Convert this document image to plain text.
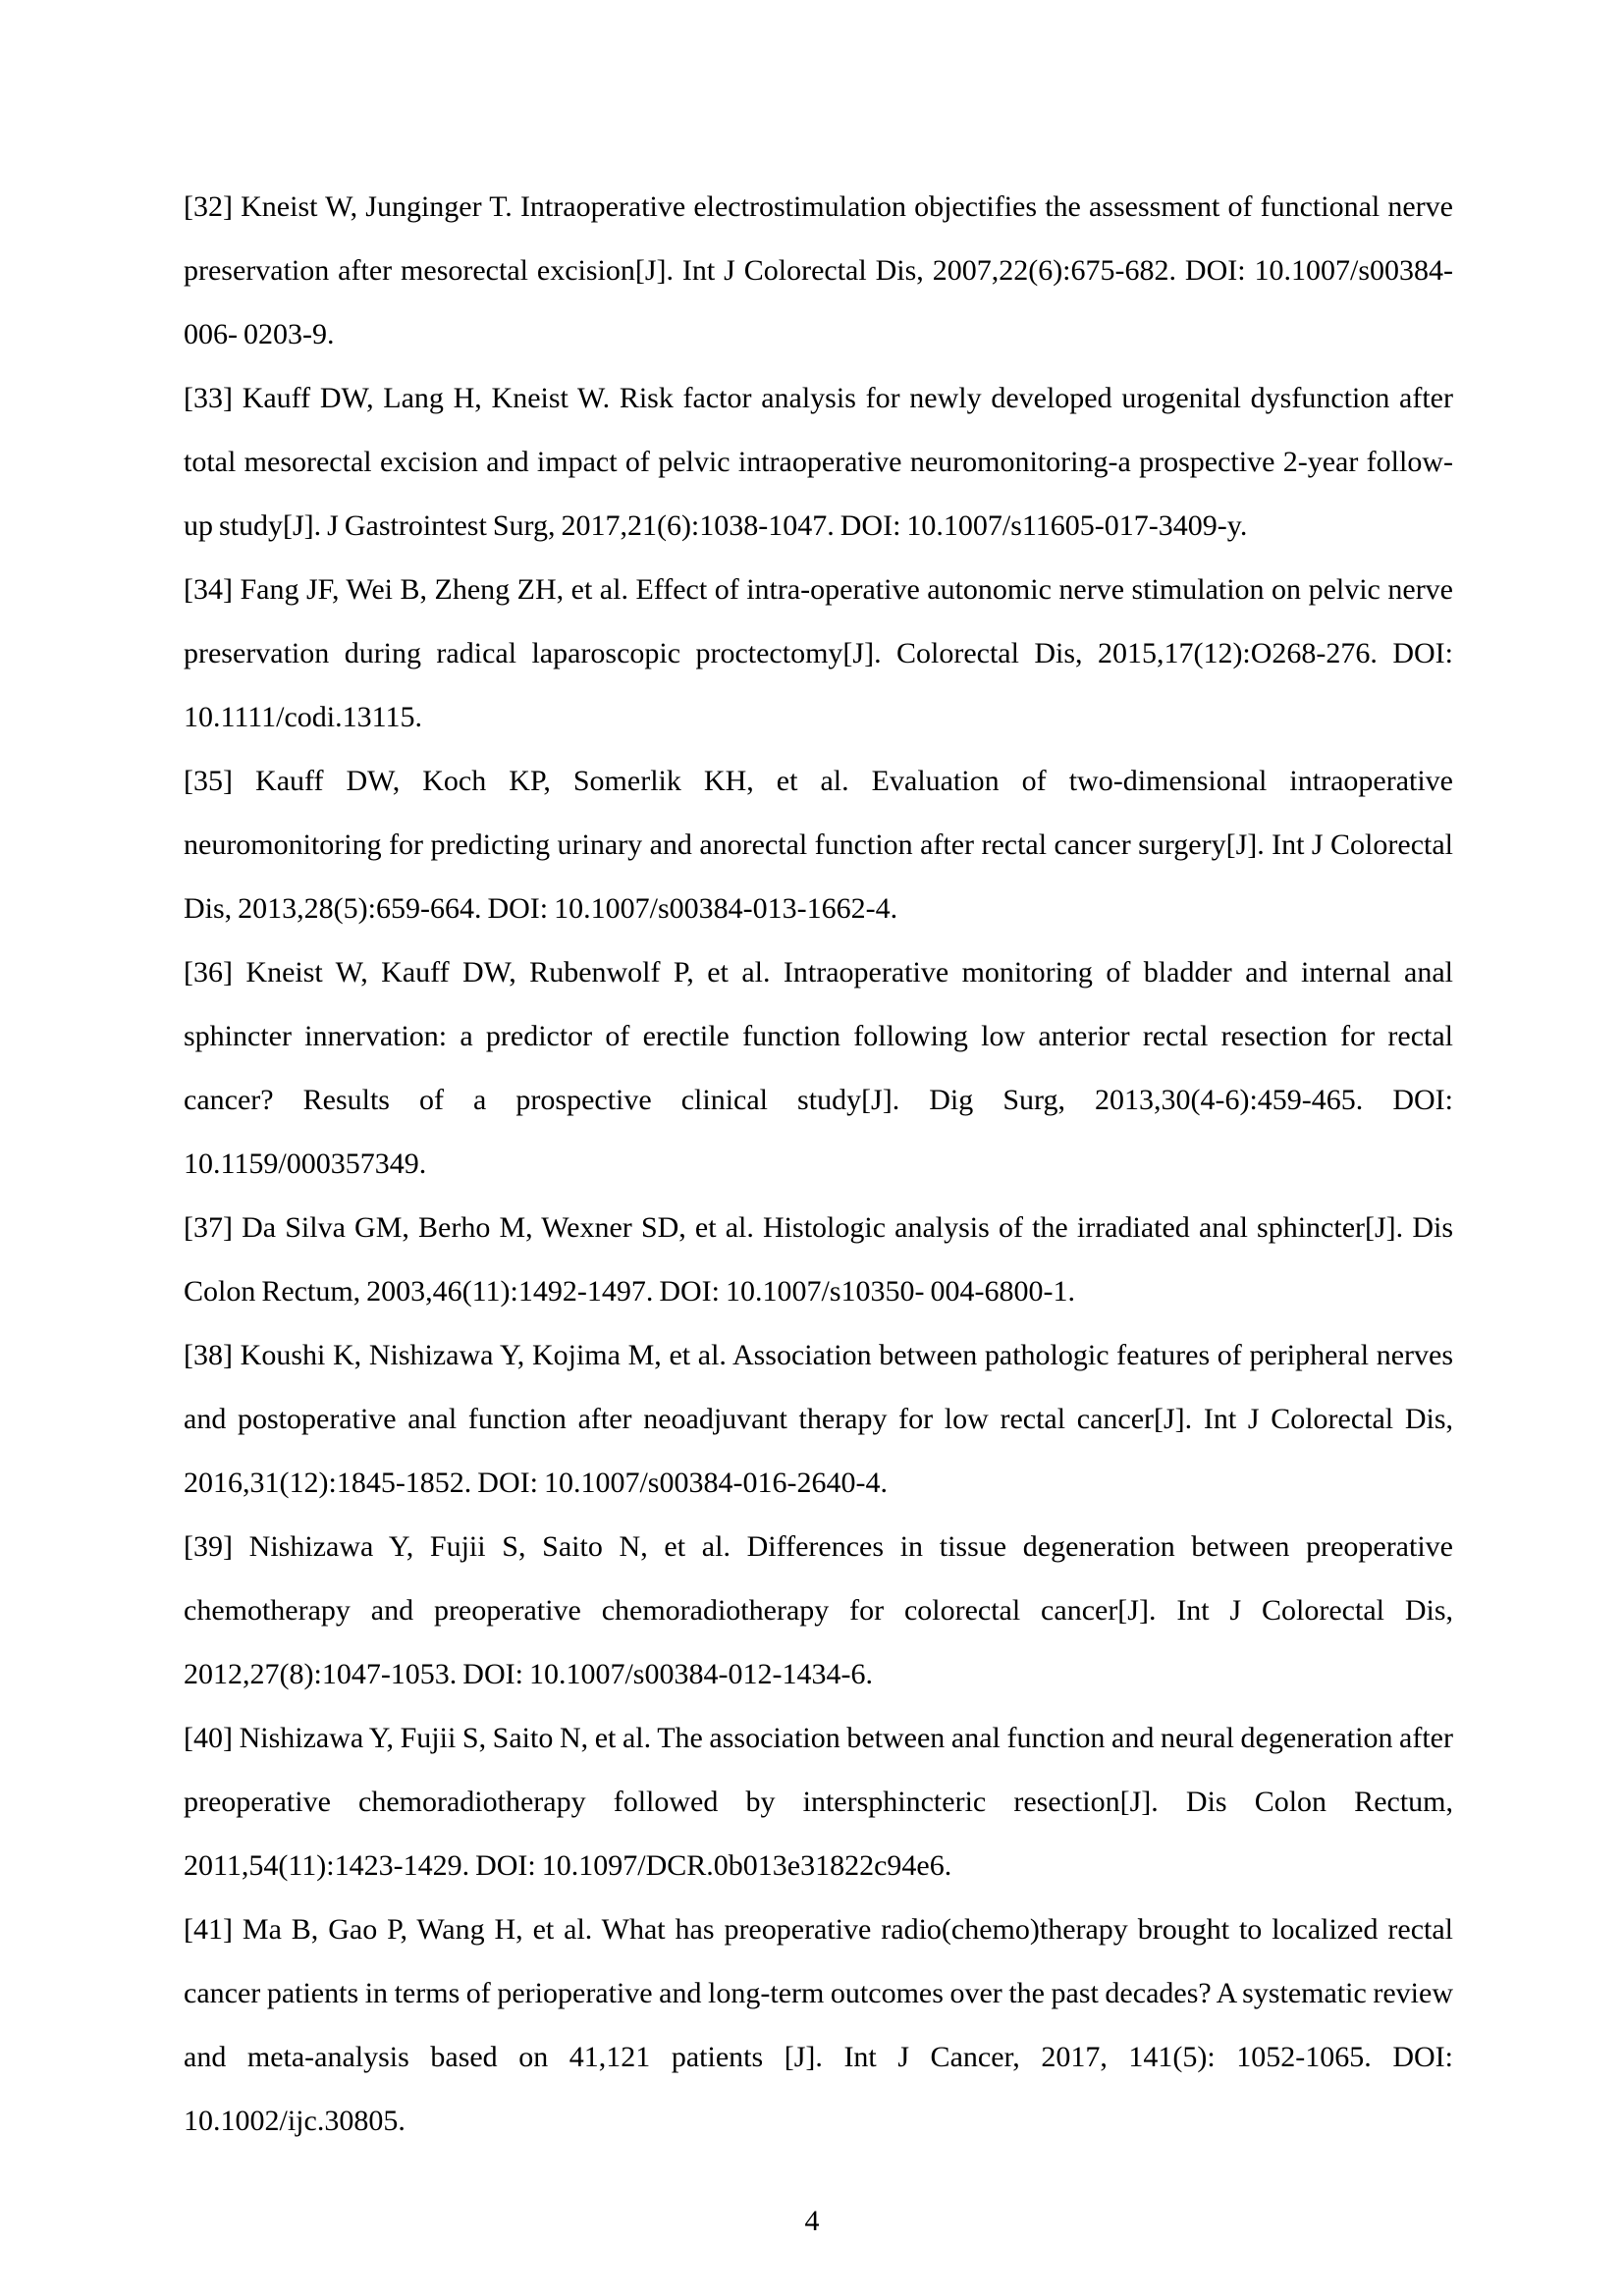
[32] Kneist W, Junginger T. Intraoperative electrostimulation objectifies the assessment of functional nerve preservation after mesorectal excision[J]. Int J Colorectal Dis, 2007,22(6):675-682. DOI: 10.1007/s00384-006- 0203-9.

[33] Kauff DW, Lang H, Kneist W. Risk factor analysis for newly developed urogenital dysfunction after total mesorectal excision and impact of pelvic intraoperative neuromonitoring-a prospective 2-year follow-up study[J]. J Gastrointest Surg, 2017,21(6):1038-1047. DOI: 10.1007/s11605-017-3409-y.

[34] Fang JF, Wei B, Zheng ZH, et al. Effect of intra-operative autonomic nerve stimulation on pelvic nerve preservation during radical laparoscopic proctectomy[J]. Colorectal Dis, 2015,17(12):O268-276. DOI: 10.1111/codi.13115.

[35] Kauff DW, Koch KP, Somerlik KH, et al. Evaluation of two-dimensional intraoperative neuromonitoring for predicting urinary and anorectal function after rectal cancer surgery[J]. Int J Colorectal Dis, 2013,28(5):659-664. DOI: 10.1007/s00384-013-1662-4.

[36] Kneist W, Kauff DW, Rubenwolf P, et al. Intraoperative monitoring of bladder and internal anal sphincter innervation: a predictor of erectile function following low anterior rectal resection for rectal cancer? Results of a prospective clinical study[J]. Dig Surg, 2013,30(4-6):459-465. DOI: 10.1159/000357349.

[37] Da Silva GM, Berho M, Wexner SD, et al. Histologic analysis of the irradiated anal sphincter[J]. Dis Colon Rectum, 2003,46(11):1492-1497. DOI: 10.1007/s10350- 004-6800-1.

[38] Koushi K, Nishizawa Y, Kojima M, et al. Association between pathologic features of peripheral nerves and postoperative anal function after neoadjuvant therapy for low rectal cancer[J]. Int J Colorectal Dis, 2016,31(12):1845-1852. DOI: 10.1007/s00384-016-2640-4.

[39] Nishizawa Y, Fujii S, Saito N, et al. Differences in tissue degeneration between preoperative chemotherapy and preoperative chemoradiotherapy for colorectal cancer[J]. Int J Colorectal Dis, 2012,27(8):1047-1053. DOI: 10.1007/s00384-012-1434-6.

[40] Nishizawa Y, Fujii S, Saito N, et al. The association between anal function and neural degeneration after preoperative chemoradiotherapy followed by intersphincteric resection[J]. Dis Colon Rectum, 2011,54(11):1423-1429. DOI: 10.1097/DCR.0b013e31822c94e6.

[41] Ma B, Gao P, Wang H, et al. What has preoperative radio(chemo)therapy brought to localized rectal cancer patients in terms of perioperative and long-term outcomes over the past decades? A systematic review and meta-analysis based on 41,121 patients [J]. Int J Cancer, 2017, 141(5): 1052-1065. DOI: 10.1002/ijc.30805.

4
